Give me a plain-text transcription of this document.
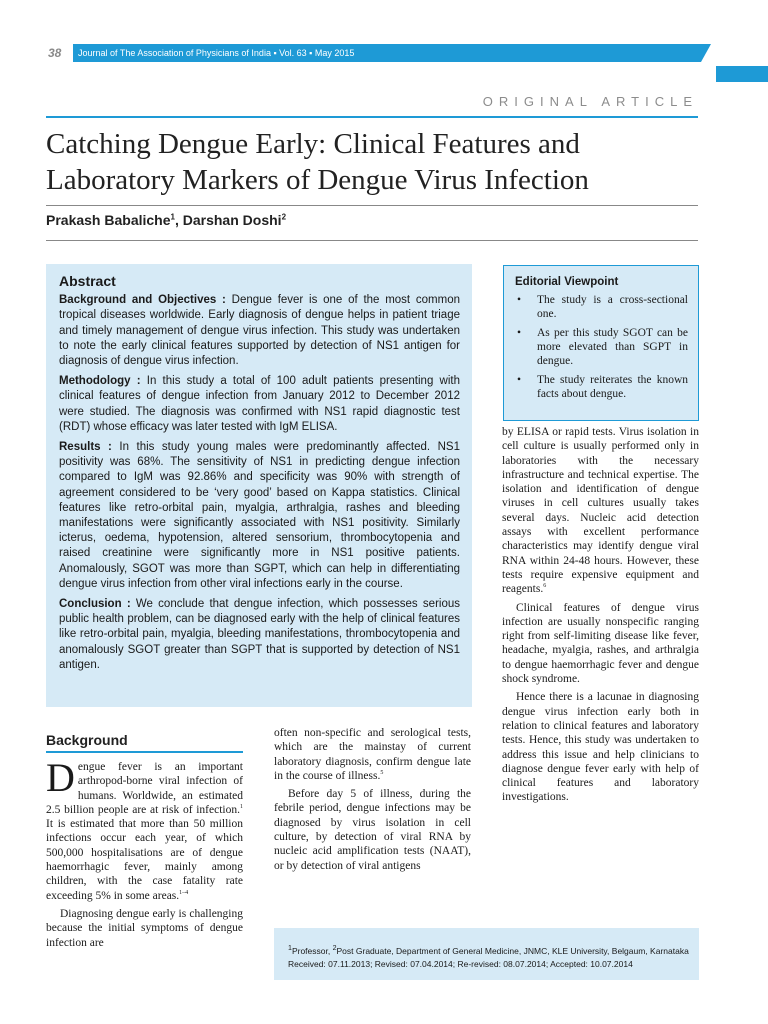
38 Journal of The Association of Physicians of India ▪ Vol. 63 ▪ May 2015
ORIGINAL ARTICLE
Catching Dengue Early: Clinical Features and
Laboratory Markers of Dengue Virus Infection
Prakash Babaliche$^1$, Darshan Doshi$^2$
Abstract

Background and Objectives : Dengue fever is one of the most common tropical diseases worldwide. Early diagnosis of dengue helps in patient triage and timely management of dengue virus infection. This study was undertaken to note the early clinical features supported by detection of NS1 antigen for diagnosis of dengue virus infection.

Methodology : In this study a total of 100 adult patients presenting with clinical features of dengue infection from January 2012 to December 2012 were studied. The diagnosis was confirmed with NS1 rapid diagnostic test (RDT) whose efficacy was later tested with IgM ELISA.

Results : In this study young males were predominantly affected. NS1 positivity was 68%. The sensitivity of NS1 in predicting dengue infection compared to IgM was 92.86% and specificity was 90% with strength of agreement considered to be ‘very good’ based on Kappa statistics. Clinical features like retro-orbital pain, myalgia, arthralgia, rashes and bleeding manifestations were significantly associated with NS1 positivity. Similarly icterus, oedema, hypotension, altered sensorium, thrombocytopenia and raised creatinine were significantly more in NS1 positive patients. Anomalously, SGOT was more than SGPT, which can help in differentiating dengue virus infection from other viral infections early in the course.

Conclusion : We conclude that dengue infection, which possesses serious public health problem, can be diagnosed early with the help of clinical features like retro-orbital pain, myalgia, bleeding manifestations, thrombocytopenia and anomalously SGOT greater than SGPT that is supported by detection of NS1 antigen.

Editorial Viewpoint
• The study is a cross-sectional one.
• As per this study SGOT can be more elevated than SGPT in dengue.
• The study reiterates the known facts about dengue.
Background

Dengue fever is an important arthropod-borne viral infection of humans. Worldwide, an estimated 2.5 billion people are at risk of infection.$^1$ It is estimated that more than 50 million infections occur each year, of which 500,000 hospitalisations are of dengue haemorrhagic fever, mainly among children, with the case fatality rate exceeding 5% in some areas.$^{1-4}$

Diagnosing dengue early is challenging because the initial symptoms of dengue infection are

often non-specific and serological tests, which are the mainstay of current laboratory diagnosis, confirm dengue late in the course of illness.$^5$

Before day 5 of illness, during the febrile period, dengue infections may be diagnosed by virus isolation in cell culture, by detection of viral RNA by nucleic acid amplification tests (NAAT), or by detection of viral antigens

by ELISA or rapid tests. Virus isolation in cell culture is usually performed only in laboratories with the necessary infrastructure and technical expertise. The isolation and identification of dengue viruses in cell cultures usually takes several days. Nucleic acid detection assays with excellent performance characteristics may identify dengue viral RNA within 24-48 hours. However, these tests require expensive equipment and reagents.$^6$

Clinical features of dengue virus infection are usually nonspecific ranging right from self-limiting disease like fever, headache, myalgia, rashes, and arthralgia to dengue haemorrhagic fever and dengue shock syndrome.

Hence there is a lacunae in diagnosing dengue virus infection early both in relation to clinical features and laboratory tests. Hence, this study was undertaken to address this issue and help clinicians to diagnose dengue fever early with help of clinical features and laboratory investigations.

$^1$Professor, $^2$Post Graduate, Department of General Medicine, JNMC, KLE University, Belgaum, Karnataka
Received: 07.11.2013; Revised: 07.04.2014; Re-revised: 08.07.2014; Accepted: 10.07.2014
